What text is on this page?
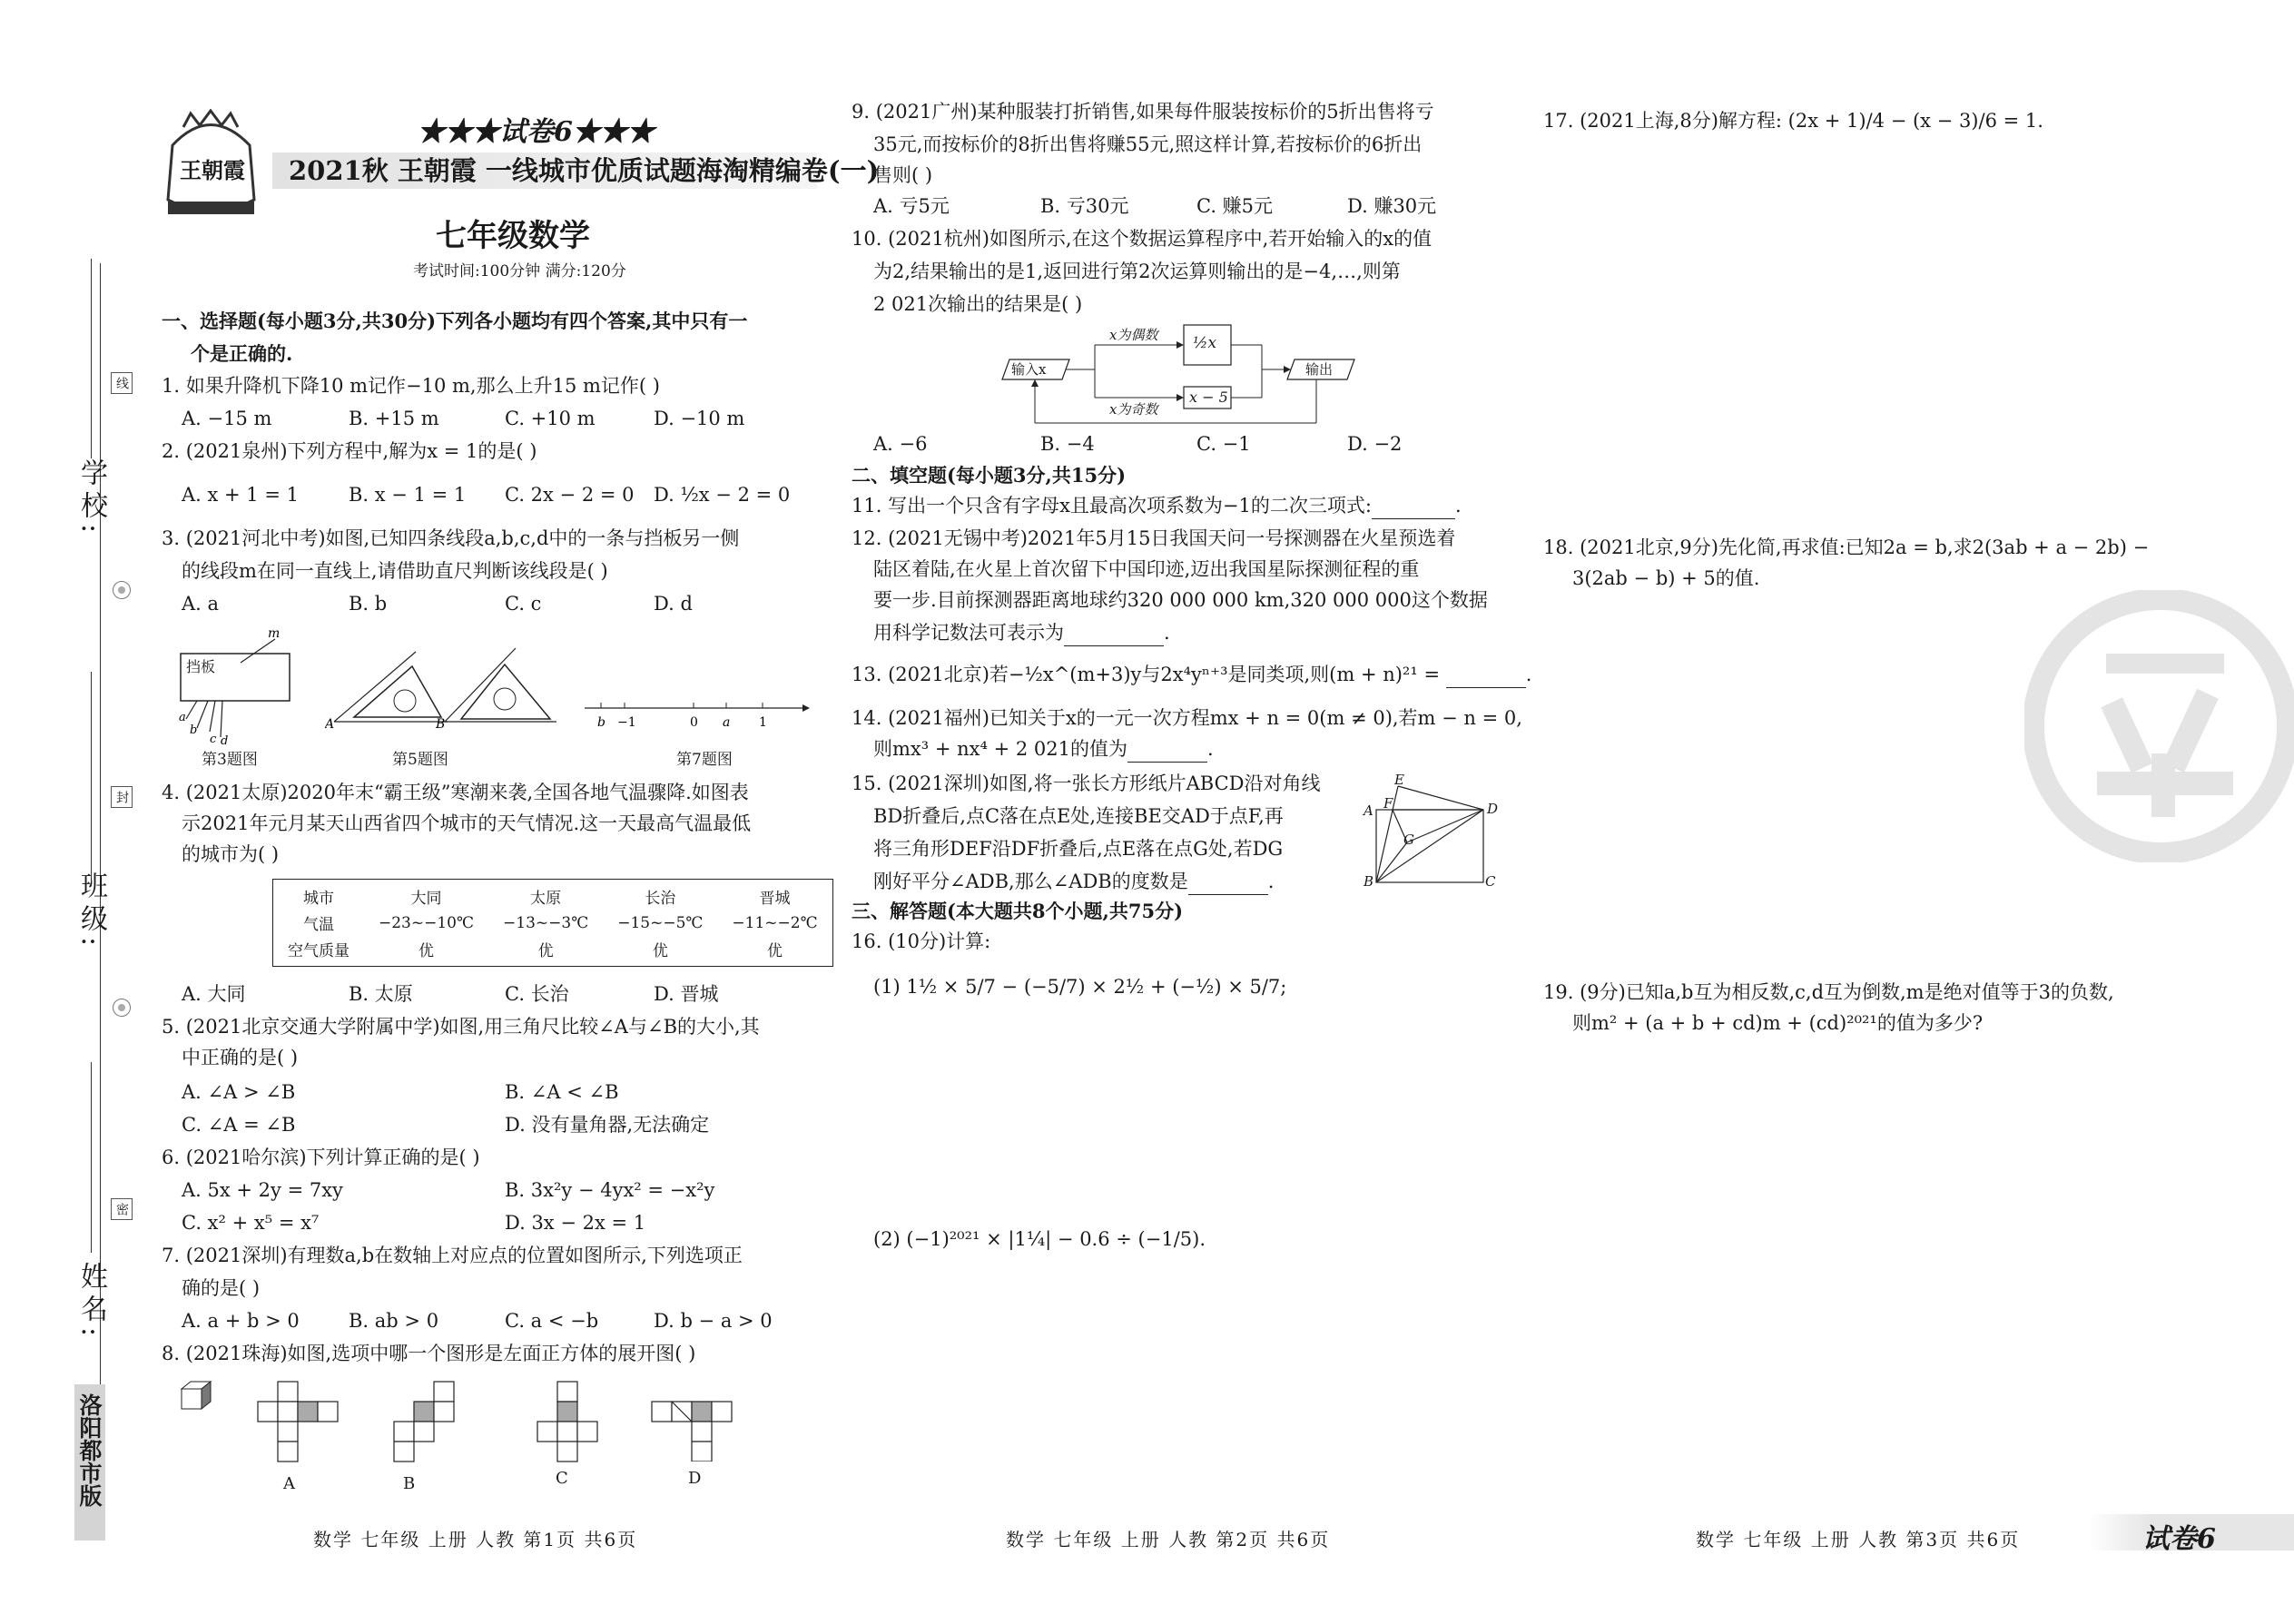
学校:
班级:
姓名:
线
封
密
洛阳都市版
王朝霞
★★★试卷6★★★
2021秋 王朝霞 一线城市优质试题海淘精编卷(一)
七年级数学
考试时间:100分钟 满分:120分
一、选择题(每小题3分,共30分)下列各小题均有四个答案,其中只有一
个是正确的.
1. 如果升降机下降10 m记作−10 m,那么上升15 m记作( )
A. −15 m	B. +15 m	C. +10 m	D. −10 m
2. (2021泉州)下列方程中,解为x = 1的是( )
A. x + 1 = 1	B. x − 1 = 1 C. 2x − 2 = 0 D. ½x − 2 = 0
3. (2021河北中考)如图,已知四条线段a,b,c,d中的一条与挡板另一侧
的线段m在同一直线上,请借助直尺判断该线段是( )
A. a	B. b	C. c	D. d
m
a
b
c d
挡板
第3题图
A	B
第5题图
b −1	0 a 1
第7题图
4. (2021太原)2020年末“霸王级”寒潮来袭,全国各地气温骤降.如图表
示2021年元月某天山西省四个城市的天气情况.这一天最高气温最低
的城市为( )
城市	大同	太原	长治	晋城
气温	−23~−10℃	−13~−3℃	−15~−5℃	−11~−2℃
空气质量	优	优	优	优
A. 大同	B. 太原	C. 长治	D. 晋城
5. (2021北京交通大学附属中学)如图,用三角尺比较∠A与∠B的大小,其
中正确的是( )
A. ∠A > ∠B	B. ∠A < ∠B
C. ∠A = ∠B	D. 没有量角器,无法确定
6. (2021哈尔滨)下列计算正确的是( )
A. 5x + 2y = 7xy	B. 3x²y − 4yx² = −x²y
C. x² + x⁵ = x⁷	D. 3x − 2x = 1
7. (2021深圳)有理数a,b在数轴上对应点的位置如图所示,下列选项正
确的是( )
A. a + b > 0	B. ab > 0	C. a < −b	D. b − a > 0
8. (2021珠海)如图,选项中哪一个图形是左面正方体的展开图( )
A	B	C	D
数学 七年级 上册 人教 第1页 共6页
9. (2021广州)某种服装打折销售,如果每件服装按标价的5折出售将亏
35元,而按标价的8折出售将赚55元,照这样计算,若按标价的6折出
售则( )
A. 亏5元	B. 亏30元	C. 赚5元	D. 赚30元
10. (2021杭州)如图所示,在这个数据运算程序中,若开始输入的x的值
为2,结果输出的是1,返回进行第2次运算则输出的是−4,…,则第
2 021次输出的结果是( )
输入x
x为偶数
x为奇数
½x
x − 5
输出
A. −6	B. −4	C. −1	D. −2
二、填空题(每小题3分,共15分)
11. 写出一个只含有字母x且最高次项系数为−1的二次三项式:	.
12. (2021无锡中考)2021年5月15日我国天问一号探测器在火星预选着
陆区着陆,在火星上首次留下中国印迹,迈出我国星际探测征程的重
要一步.目前探测器距离地球约320 000 000 km,320 000 000这个数据
用科学记数法可表示为	.
13. (2021北京)若−½x^(m+3)y与2x⁴yⁿ⁺³是同类项,则(m + n)²¹ =	.
14. (2021福州)已知关于x的一元一次方程mx + n = 0(m ≠ 0),若m − n = 0,
则mx³ + nx⁴ + 2 021的值为	.
15. (2021深圳)如图,将一张长方形纸片ABCD沿对角线
BD折叠后,点C落在点E处,连接BE交AD于点F,再
将三角形DEF沿DF折叠后,点E落在点G处,若DG
刚好平分∠ADB,那么∠ADB的度数是	.
E
F
A	D
G
B	C
三、解答题(本大题共8个小题,共75分)
16. (10分)计算:
(1) 1½ × 5/7 − (−5/7) × 2½ + (−½) × 5/7;
(2) (−1)²⁰²¹ × |1¼| − 0.6 ÷ (−1/5).
数学 七年级 上册 人教 第2页 共6页
17. (2021上海,8分)解方程: (2x + 1)/4 − (x − 3)/6 = 1.
18. (2021北京,9分)先化简,再求值:已知2a = b,求2(3ab + a − 2b) −
3(2ab − b) + 5的值.
19. (9分)已知a,b互为相反数,c,d互为倒数,m是绝对值等于3的负数,
则m² + (a + b + cd)m + (cd)²⁰²¹的值为多少?
数学 七年级 上册 人教 第3页 共6页	试卷6
